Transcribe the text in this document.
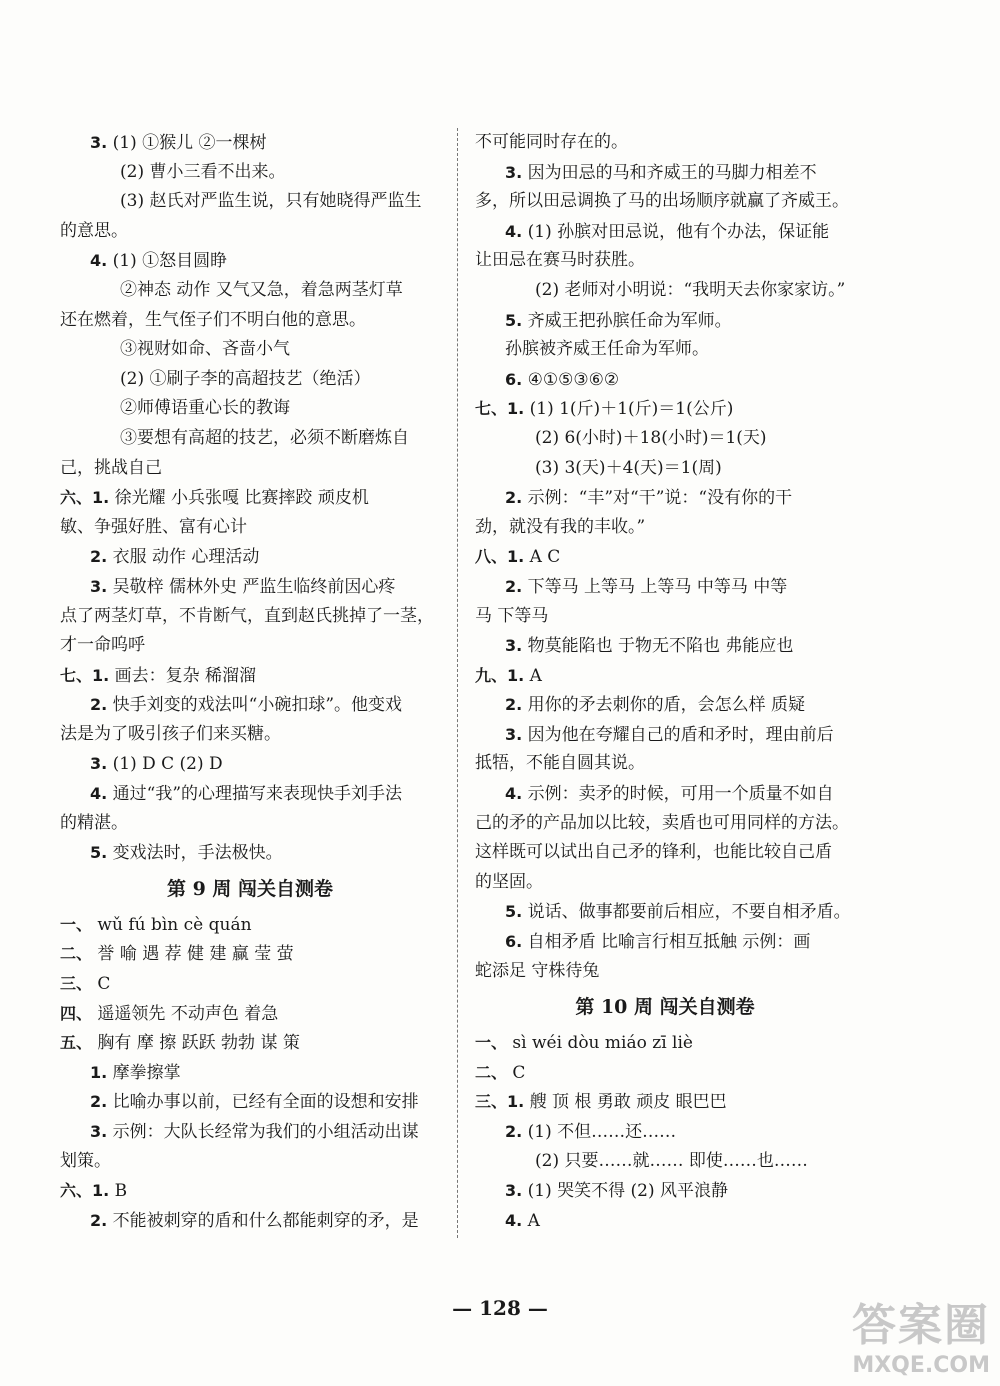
3. (1) ①猴儿 ②一棵树
(2) 曹小三看不出来。
(3) 赵氏对严监生说，只有她晓得严监生
的意思。
4. (1) ①怒目圆睁
②神态 动作 又气又急，着急两茎灯草
还在燃着，生气侄子们不明白他的意思。
③视财如命、吝啬小气
(2) ①刷子李的高超技艺（绝活）
②师傅语重心长的教诲
③要想有高超的技艺，必须不断磨炼自
己，挑战自己
六、1. 徐光耀 小兵张嘎 比赛摔跤 顽皮机
敏、争强好胜、富有心计
2. 衣服 动作 心理活动
3. 吴敬梓 儒林外史 严监生临终前因心疼
点了两茎灯草，不肯断气，直到赵氏挑掉了一茎，
才一命呜呼
七、1. 画去：复杂 稀溜溜
2. 快手刘变的戏法叫“小碗扣球”。他变戏
法是为了吸引孩子们来买糖。
3. (1) D C (2) D
4. 通过“我”的心理描写来表现快手刘手法
的精湛。
5. 变戏法时，手法极快。
第 9 周 闯关自测卷
一、 wǔ fú bìn cè quán
二、 誉 喻 遇 荐 健 建 赢 莹 萤
三、 C
四、 遥遥领先 不动声色 着急
五、 胸有 摩 擦 跃跃 勃勃 谋 策
1. 摩拳擦掌
2. 比喻办事以前，已经有全面的设想和安排
3. 示例：大队长经常为我们的小组活动出谋
划策。
六、1. B
2. 不能被刺穿的盾和什么都能刺穿的矛，是
不可能同时存在的。
3. 因为田忌的马和齐威王的马脚力相差不
多，所以田忌调换了马的出场顺序就赢了齐威王。
4. (1) 孙膑对田忌说，他有个办法，保证能
让田忌在赛马时获胜。
(2) 老师对小明说：“我明天去你家家访。”
5. 齐威王把孙膑任命为军师。
孙膑被齐威王任命为军师。
6. ④①⑤③⑥②
七、1. (1) 1(斤)＋1(斤)＝1(公斤)
(2) 6(小时)＋18(小时)＝1(天)
(3) 3(天)＋4(天)＝1(周)
2. 示例：“丰”对“干”说：“没有你的干
劲，就没有我的丰收。”
八、1. A C
2. 下等马 上等马 上等马 中等马 中等
马 下等马
3. 物莫能陷也 于物无不陷也 弗能应也
九、1. A
2. 用你的矛去刺你的盾，会怎么样 质疑
3. 因为他在夸耀自己的盾和矛时，理由前后
抵牾，不能自圆其说。
4. 示例：卖矛的时候，可用一个质量不如自
己的矛的产品加以比较，卖盾也可用同样的方法。
这样既可以试出自己矛的锋利，也能比较自己盾
的坚固。
5. 说话、做事都要前后相应，不要自相矛盾。
6. 自相矛盾 比喻言行相互抵触 示例：画
蛇添足 守株待兔
第 10 周 闯关自测卷
一、 sì wéi dòu miáo zī liè
二、 C
三、1. 艘 顶 根 勇敢 顽皮 眼巴巴
2. (1) 不但……还……
(2) 只要……就…… 即使……也……
3. (1) 哭笑不得 (2) 风平浪静
4. A
— 128 —	答案圈
MXQE.COM
